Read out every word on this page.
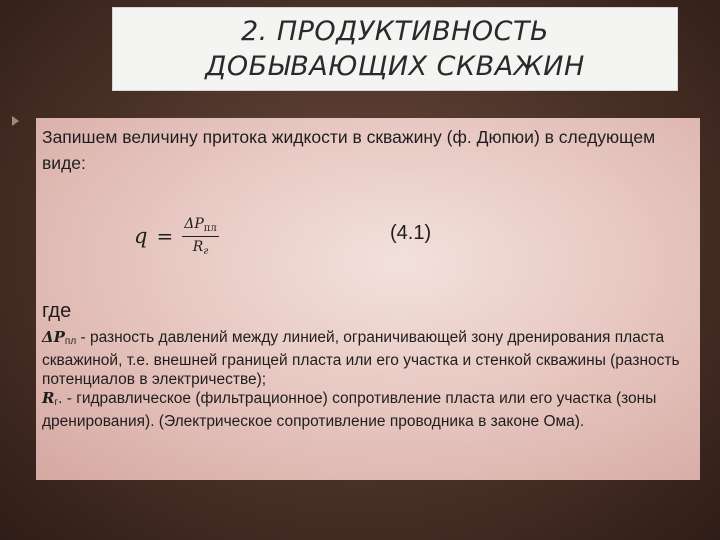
2. ПРОДУКТИВНОСТЬ
ДОБЫВАЮЩИХ СКВАЖИН
Запишем величину притока жидкости в скважину (ф. Дюпюи) в следующем виде:
$q = \frac{\Delta P_{пл}}{R_г}$	(4.1)
где
ΔPпл - разность давлений между линией, ограничивающей зону дренирования пласта скважиной, т.е. внешней границей пласта или его участка и стенкой скважины (разность потенциалов в электричестве);
Rг. - гидравлическое (фильтрационное) сопротивление пласта или его участка (зоны дренирования). (Электрическое сопротивление проводника в законе Ома).
